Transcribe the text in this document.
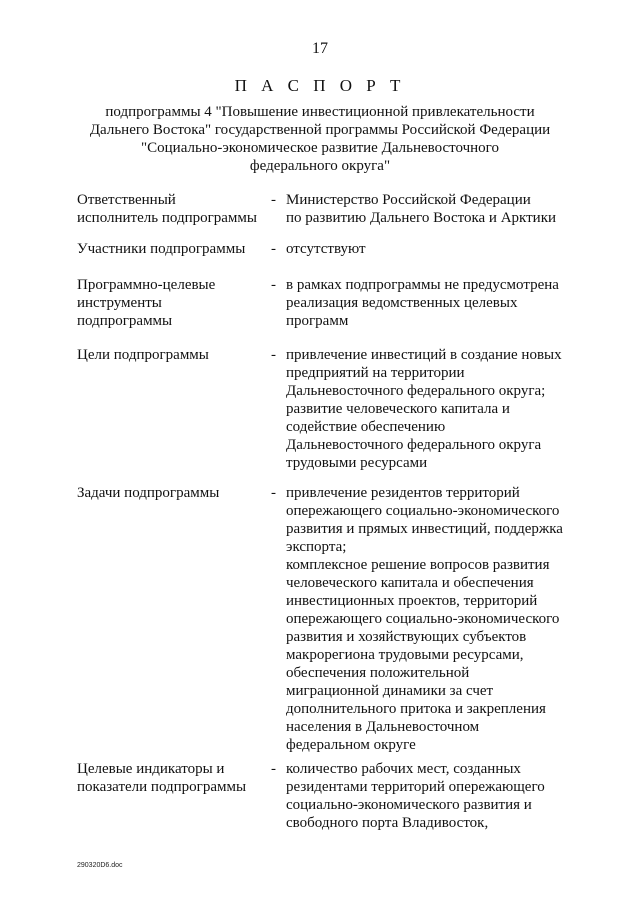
17
П А С П О Р Т
подпрограммы 4 "Повышение инвестиционной привлекательности
Дальнего Востока" государственной программы Российской Федерации
"Социально-экономическое развитие Дальневосточного
федерального округа"
Ответственный
исполнитель подпрограммы
- Министерство Российской Федерации
по развитию Дальнего Востока и Арктики
Участники подпрограммы	- отсутствуют
Программно-целевые
инструменты
подпрограммы
- в рамках подпрограммы не предусмотрена
реализация ведомственных целевых
программ
Цели подпрограммы	- привлечение инвестиций в создание новых
предприятий на территории
Дальневосточного федерального округа;
развитие человеческого капитала и
содействие обеспечению
Дальневосточного федерального округа
трудовыми ресурсами
Задачи подпрограммы	- привлечение резидентов территорий
опережающего социально-экономического
развития и прямых инвестиций, поддержка
экспорта;
комплексное решение вопросов развития
человеческого капитала и обеспечения
инвестиционных проектов, территорий
опережающего социально-экономического
развития и хозяйствующих субъектов
макрорегиона трудовыми ресурсами,
обеспечения положительной
миграционной динамики за счет
дополнительного притока и закрепления
населения в Дальневосточном
федеральном округе
Целевые индикаторы и
показатели подпрограммы
- количество рабочих мест, созданных
резидентами территорий опережающего
социально-экономического развития и
свободного порта Владивосток,
290320D6.doc
